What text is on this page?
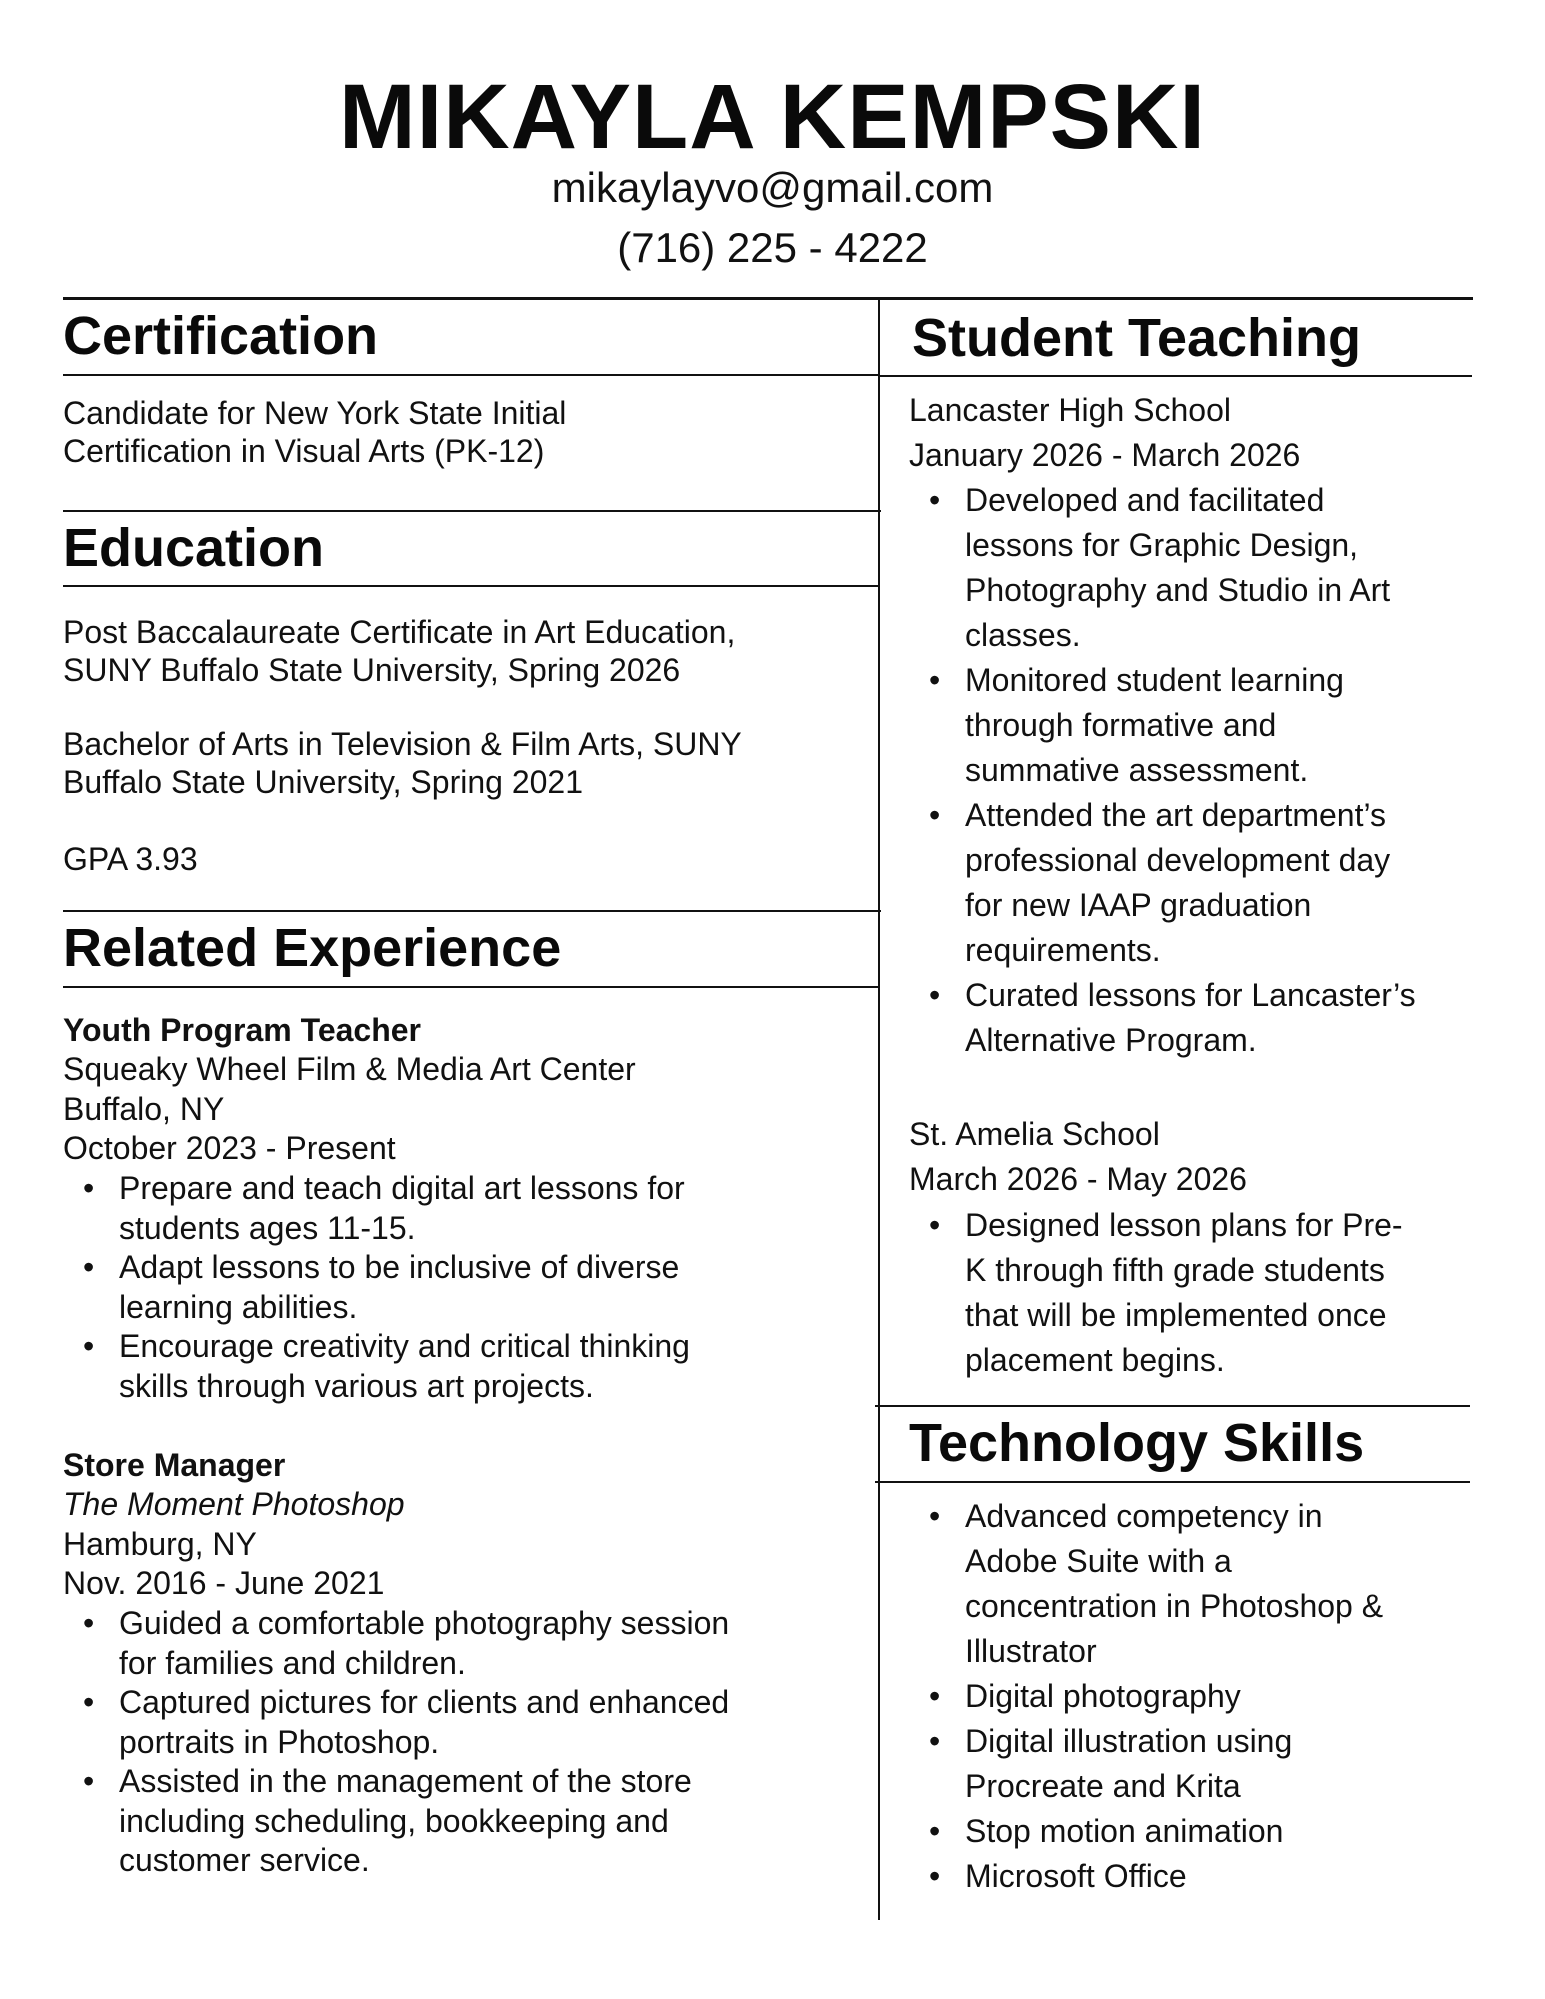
MIKAYLA KEMPSKI
mikaylayvo@gmail.com
(716) 225 - 4222
Certification
Candidate for New York State Initial
Certification in Visual Arts (PK-12)
Education
Post Baccalaureate Certificate in Art Education,
SUNY Buffalo State University, Spring 2026
Bachelor of Arts in Television & Film Arts, SUNY
Buffalo State University, Spring 2021
GPA 3.93
Related Experience
Youth Program Teacher
Squeaky Wheel Film & Media Art Center
Buffalo, NY
October 2023 - Present
• Prepare and teach digital art lessons for
students ages 11-15.
• Adapt lessons to be inclusive of diverse
learning abilities.
• Encourage creativity and critical thinking
skills through various art projects.
Store Manager
The Moment Photoshop
Hamburg, NY
Nov. 2016 - June 2021
• Guided a comfortable photography session
for families and children.
• Captured pictures for clients and enhanced
portraits in Photoshop.
• Assisted in the management of the store
including scheduling, bookkeeping and
customer service.
Student Teaching
Lancaster High School
January 2026 - March 2026
• Developed and facilitated
lessons for Graphic Design,
Photography and Studio in Art
classes.
• Monitored student learning
through formative and
summative assessment.
• Attended the art department’s
professional development day
for new IAAP graduation
requirements.
• Curated lessons for Lancaster’s
Alternative Program.
St. Amelia School
March 2026 - May 2026
• Designed lesson plans for Pre-
K through fifth grade students
that will be implemented once
placement begins.
Technology Skills
• Advanced competency in
Adobe Suite with a
concentration in Photoshop &
Illustrator
• Digital photography
• Digital illustration using
Procreate and Krita
• Stop motion animation
• Microsoft Office
